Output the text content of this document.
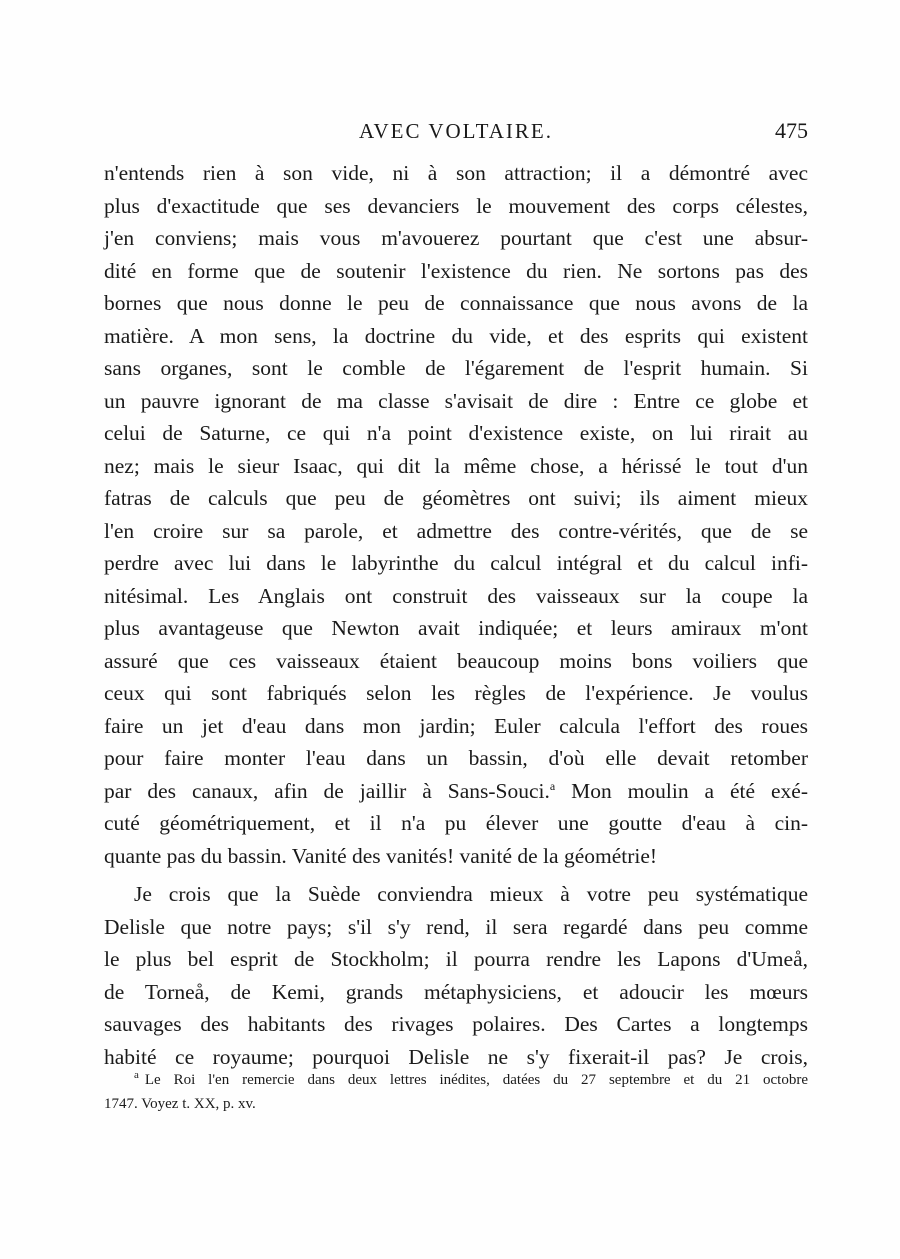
AVEC VOLTAIRE.	475
n'entends rien à son vide, ni à son attraction; il a démontré avec
plus d'exactitude que ses devanciers le mouvement des corps célestes,
j'en conviens; mais vous m'avouerez pourtant que c'est une absur-
dité en forme que de soutenir l'existence du rien. Ne sortons pas des
bornes que nous donne le peu de connaissance que nous avons de la
matière. A mon sens, la doctrine du vide, et des esprits qui existent
sans organes, sont le comble de l'égarement de l'esprit humain. Si
un pauvre ignorant de ma classe s'avisait de dire : Entre ce globe et
celui de Saturne, ce qui n'a point d'existence existe, on lui rirait au
nez; mais le sieur Isaac, qui dit la même chose, a hérissé le tout d'un
fatras de calculs que peu de géomètres ont suivi; ils aiment mieux
l'en croire sur sa parole, et admettre des contre-vérités, que de se
perdre avec lui dans le labyrinthe du calcul intégral et du calcul infi-
nitésimal. Les Anglais ont construit des vaisseaux sur la coupe la
plus avantageuse que Newton avait indiquée; et leurs amiraux m'ont
assuré que ces vaisseaux étaient beaucoup moins bons voiliers que
ceux qui sont fabriqués selon les règles de l'expérience. Je voulus
faire un jet d'eau dans mon jardin; Euler calcula l'effort des roues
pour faire monter l'eau dans un bassin, d'où elle devait retomber
par des canaux, afin de jaillir à Sans-Souci.$^a$ Mon moulin a été exé-
cuté géométriquement, et il n'a pu élever une goutte d'eau à cin-
quante pas du bassin. Vanité des vanités! vanité de la géométrie!
Je crois que la Suède conviendra mieux à votre peu systématique
Delisle que notre pays; s'il s'y rend, il sera regardé dans peu comme
le plus bel esprit de Stockholm; il pourra rendre les Lapons d'Umeå,
de Torneå, de Kemi, grands métaphysiciens, et adoucir les mœurs
sauvages des habitants des rivages polaires. Des Cartes a longtemps
habité ce royaume; pourquoi Delisle ne s'y fixerait-il pas? Je crois,
$^a$ Le Roi l'en remercie dans deux lettres inédites, datées du 27 septembre et du 21 octobre
1747. Voyez t. XX, p. xv.
